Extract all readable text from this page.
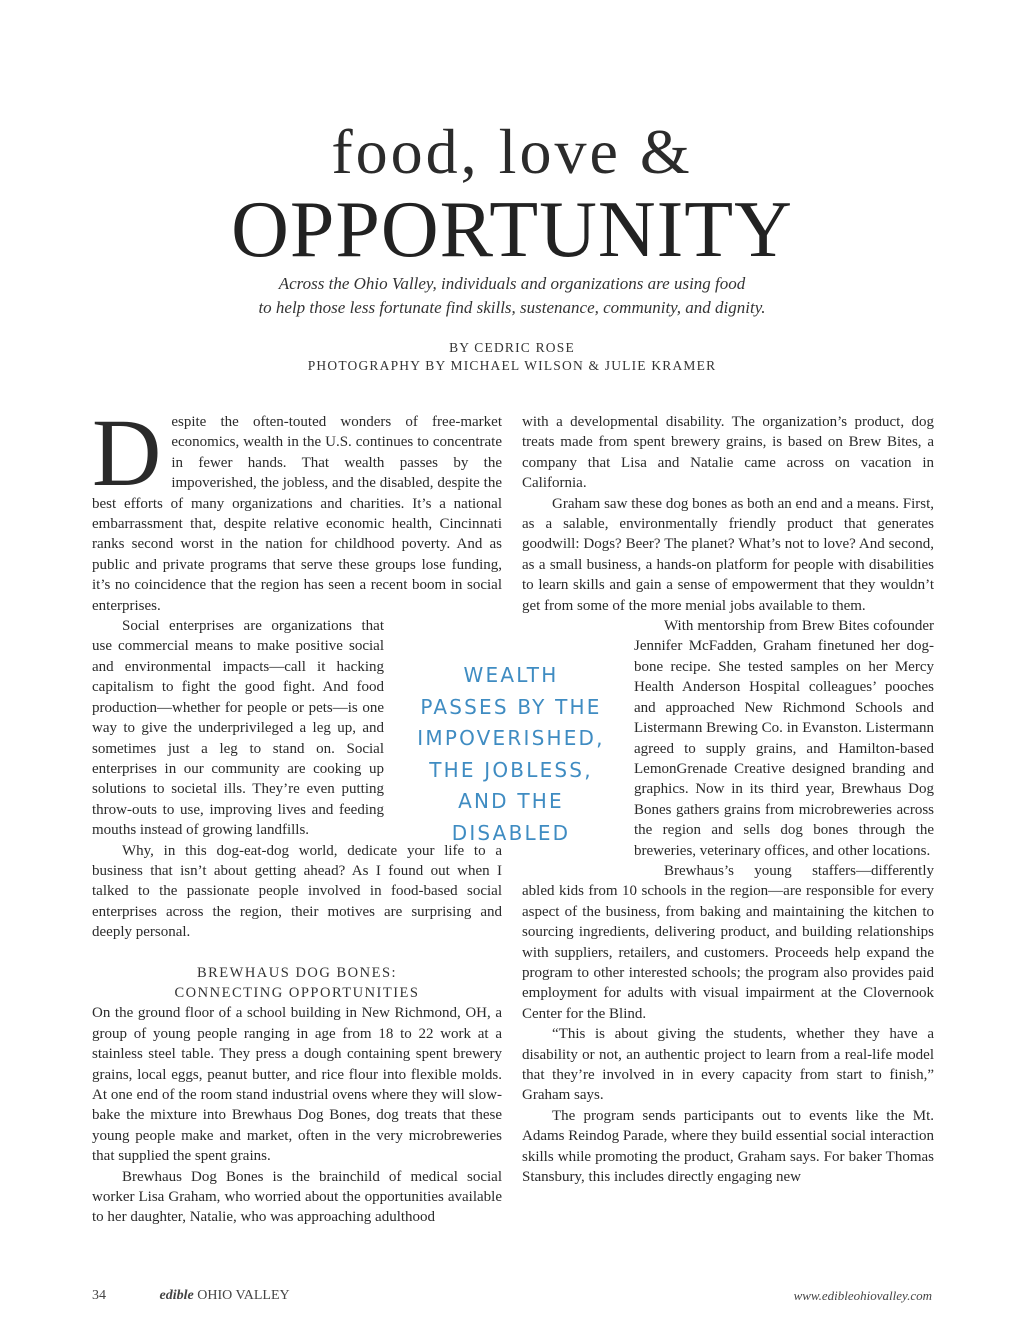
food, love &
OPPORTUNITY
Across the Ohio Valley, individuals and organizations are using food
to help those less fortunate find skills, sustenance, community, and dignity.
BY CEDRIC ROSE
PHOTOGRAPHY BY MICHAEL WILSON & JULIE KRAMER

Despite the often-touted wonders of free-market economics, wealth in the U.S. continues to concentrate in fewer hands. That wealth passes by the impoverished, the jobless, and the disabled, despite the best efforts of many organizations and charities. It’s a national embarrassment that, despite relative economic health, Cincinnati ranks second worst in the nation for childhood poverty. And as public and private programs that serve these groups lose funding, it’s no coincidence that the region has seen a recent boom in social enterprises.

Social enterprises are organizations that use commercial means to make positive social and environmental impacts—call it hacking capitalism to fight the good fight. And food production—whether for people or pets—is one way to give the underprivileged a leg up, and sometimes just a leg to stand on. Social enterprises in our community are cooking up solutions to societal ills. They’re even putting throw-outs to use, improving lives and feeding mouths instead of growing landfills.

Why, in this dog-eat-dog world, dedicate your life to a business that isn’t about getting ahead? As I found out when I talked to the passionate people involved in food-based social enterprises across the region, their motives are surprising and deeply personal.

BREWHAUS DOG BONES:
CONNECTING OPPORTUNITIES

On the ground floor of a school building in New Richmond, OH, a group of young people ranging in age from 18 to 22 work at a stainless steel table. They press a dough containing spent brewery grains, local eggs, peanut butter, and rice flour into flexible molds. At one end of the room stand industrial ovens where they will slow-bake the mixture into Brewhaus Dog Bones, dog treats that these young people make and market, often in the very microbreweries that supplied the spent grains.

Brewhaus Dog Bones is the brainchild of medical social worker Lisa Graham, who worried about the opportunities available to her daughter, Natalie, who was approaching adulthood

with a developmental disability. The organization’s product, dog treats made from spent brewery grains, is based on Brew Bites, a company that Lisa and Natalie came across on vacation in California.

Graham saw these dog bones as both an end and a means. First, as a salable, environmentally friendly product that generates goodwill: Dogs? Beer? The planet? What’s not to love? And second, as a small business, a hands-on platform for people with disabilities to learn skills and gain a sense of empowerment that they wouldn’t get from some of the more menial jobs available to them.

With mentorship from Brew Bites cofounder Jennifer McFadden, Graham finetuned her dog-bone recipe. She tested samples on her Mercy Health Anderson Hospital colleagues’ pooches and approached New Richmond Schools and Listermann Brewing Co. in Evanston. Listermann agreed to supply grains, and Hamilton-based LemonGrenade Creative designed branding and graphics. Now in its third year, Brewhaus Dog Bones gathers grains from microbreweries across the region and sells dog bones through the breweries, veterinary offices, and other locations.

Brewhaus’s young staffers—differently abled kids from 10 schools in the region—are responsible for every aspect of the business, from baking and maintaining the kitchen to sourcing ingredients, delivering product, and building relationships with suppliers, retailers, and customers. Proceeds help expand the program to other interested schools; the program also provides paid employment for adults with visual impairment at the Clovernook Center for the Blind.

“This is about giving the students, whether they have a disability or not, an authentic project to learn from a real-life model that they’re involved in in every capacity from start to finish,” Graham says.

The program sends participants out to events like the Mt. Adams Reindog Parade, where they build essential social interaction skills while promoting the product, Graham says. For baker Thomas Stansbury, this includes directly engaging new

WEALTH
PASSES BY THE
IMPOVERISHED,
THE JOBLESS,
AND THE
DISABLED
34	edible OHIO VALLEY	www.edibleohiovalley.com
